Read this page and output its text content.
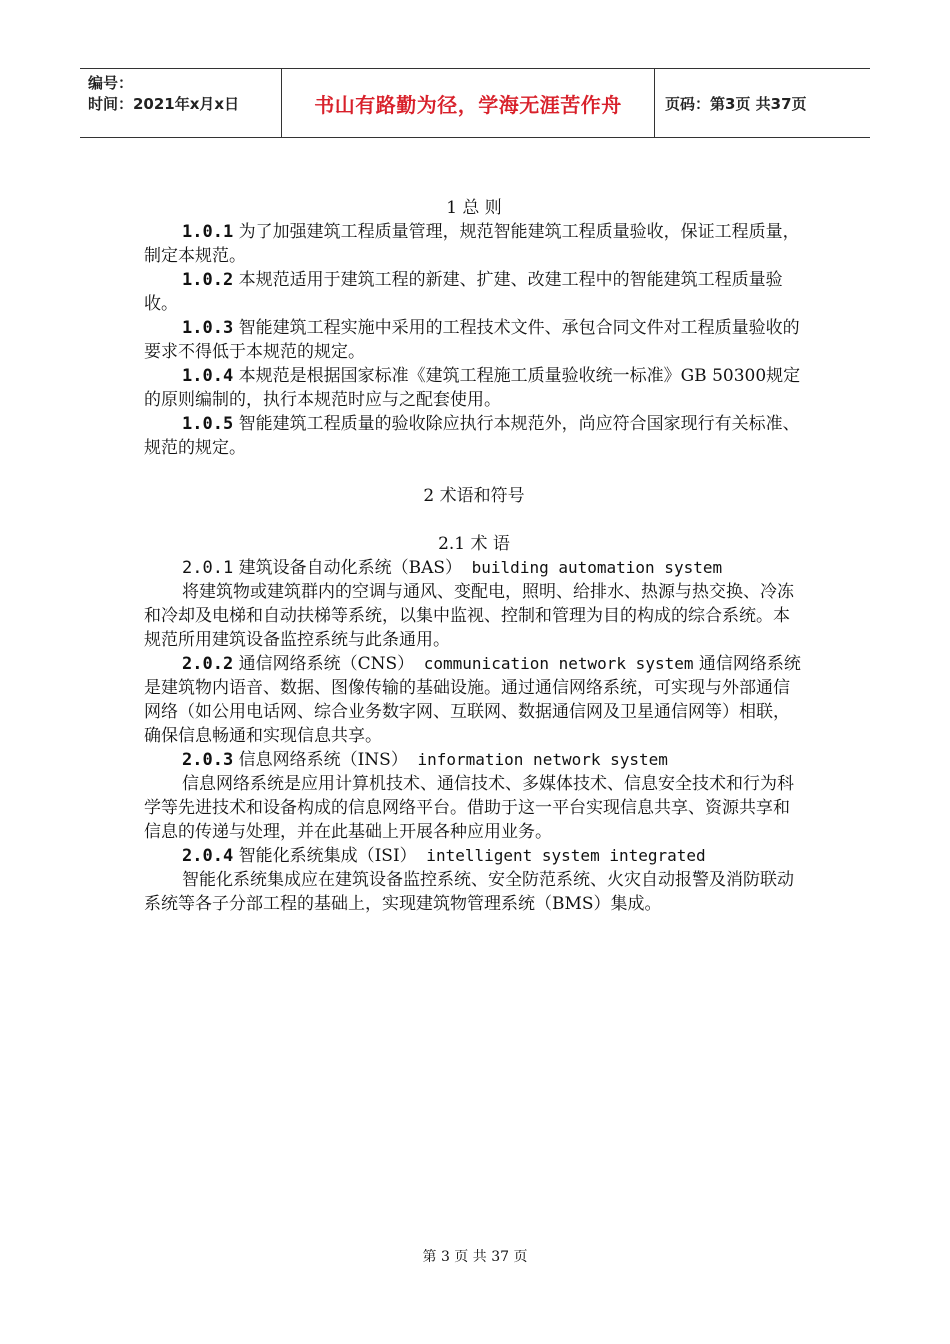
编号：
时间：2021年x月x日	书山有路勤为径，学海无涯苦作舟	页码：第3页 共37页
1 总 则

1.0.1 为了加强建筑工程质量管理，规范智能建筑工程质量验收，保证工程质量，制定本规范。

1.0.2 本规范适用于建筑工程的新建、扩建、改建工程中的智能建筑工程质量验收。

1.0.3 智能建筑工程实施中采用的工程技术文件、承包合同文件对工程质量验收的要求不得低于本规范的规定。

1.0.4 本规范是根据国家标准《建筑工程施工质量验收统一标准》GB 50300规定的原则编制的，执行本规范时应与之配套使用。

1.0.5 智能建筑工程质量的验收除应执行本规范外，尚应符合国家现行有关标准、规范的规定。

2 术语和符号
2.1 术 语

2.0.1 建筑设备自动化系统（BAS） building automation system

将建筑物或建筑群内的空调与通风、变配电，照明、给排水、热源与热交换、冷冻和冷却及电梯和自动扶梯等系统，以集中监视、控制和管理为目的构成的综合系统。本规范所用建筑设备监控系统与此条通用。

2.0.2 通信网络系统（CNS） communication network system 通信网络系统是建筑物内语音、数据、图像传输的基础设施。通过通信网络系统，可实现与外部通信网络（如公用电话网、综合业务数字网、互联网、数据通信网及卫星通信网等）相联，确保信息畅通和实现信息共享。

2.0.3 信息网络系统（INS） information network system

信息网络系统是应用计算机技术、通信技术、多媒体技术、信息安全技术和行为科学等先进技术和设备构成的信息网络平台。借助于这一平台实现信息共享、资源共享和信息的传递与处理，并在此基础上开展各种应用业务。

2.0.4 智能化系统集成（ISI） intelligent system integrated

智能化系统集成应在建筑设备监控系统、安全防范系统、火灾自动报警及消防联动系统等各子分部工程的基础上，实现建筑物管理系统（BMS）集成。

第 3 页 共 37 页
